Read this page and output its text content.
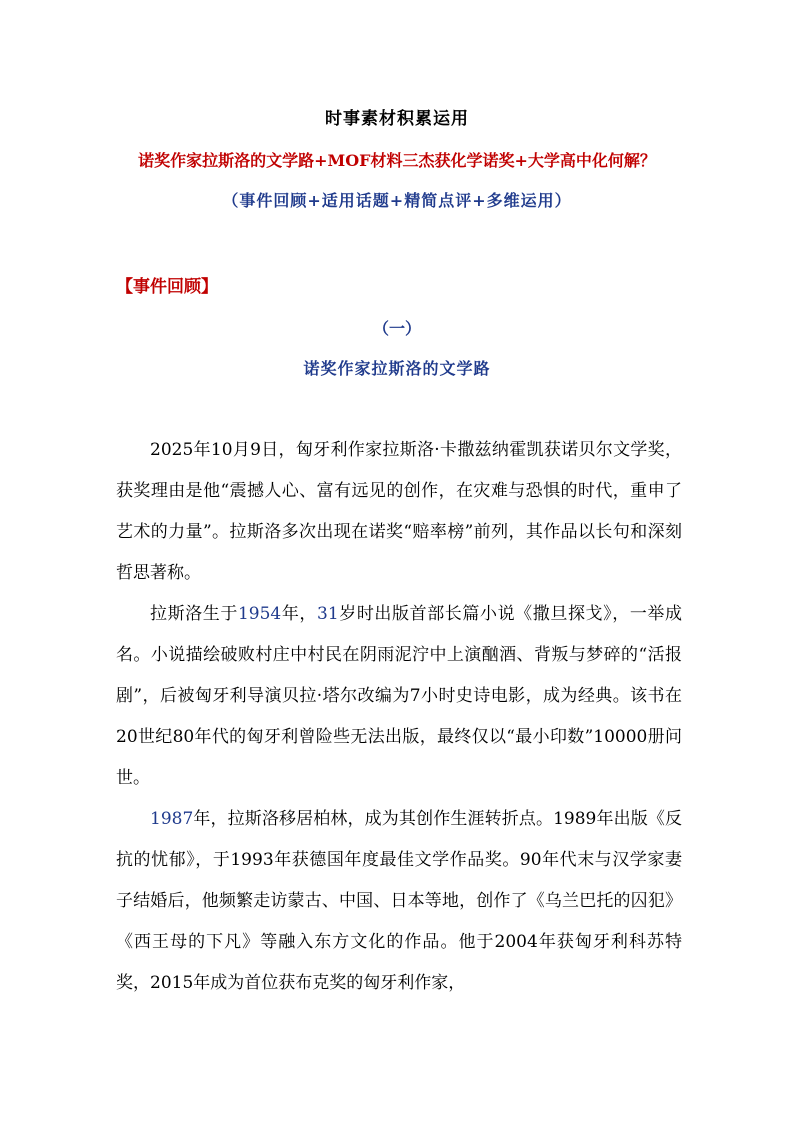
时事素材积累运用
诺奖作家拉斯洛的文学路+MOF材料三杰获化学诺奖+大学高中化何解？
（事件回顾+适用话题+精简点评+多维运用）
【事件回顾】
（一）
诺奖作家拉斯洛的文学路

2025年10月9日，匈牙利作家拉斯洛·卡撒兹纳霍凯获诺贝尔文学奖，获奖理由是他“震撼人心、富有远见的创作，在灾难与恐惧的时代，重申了艺术的力量”。拉斯洛多次出现在诺奖“赔率榜”前列，其作品以长句和深刻哲思著称。

拉斯洛生于1954年，31岁时出版首部长篇小说《撒旦探戈》，一举成名。小说描绘破败村庄中村民在阴雨泥泞中上演酗酒、背叛与梦碎的“活报剧”，后被匈牙利导演贝拉·塔尔改编为7小时史诗电影，成为经典。该书在20世纪80年代的匈牙利曾险些无法出版，最终仅以“最小印数”10000册问世。

1987年，拉斯洛移居柏林，成为其创作生涯转折点。1989年出版《反抗的忧郁》，于1993年获德国年度最佳文学作品奖。90年代末与汉学家妻子结婚后，他频繁走访蒙古、中国、日本等地，创作了《乌兰巴托的囚犯》《西王母的下凡》等融入东方文化的作品。他于2004年获匈牙利科苏特奖，2015年成为首位获布克奖的匈牙利作家，
